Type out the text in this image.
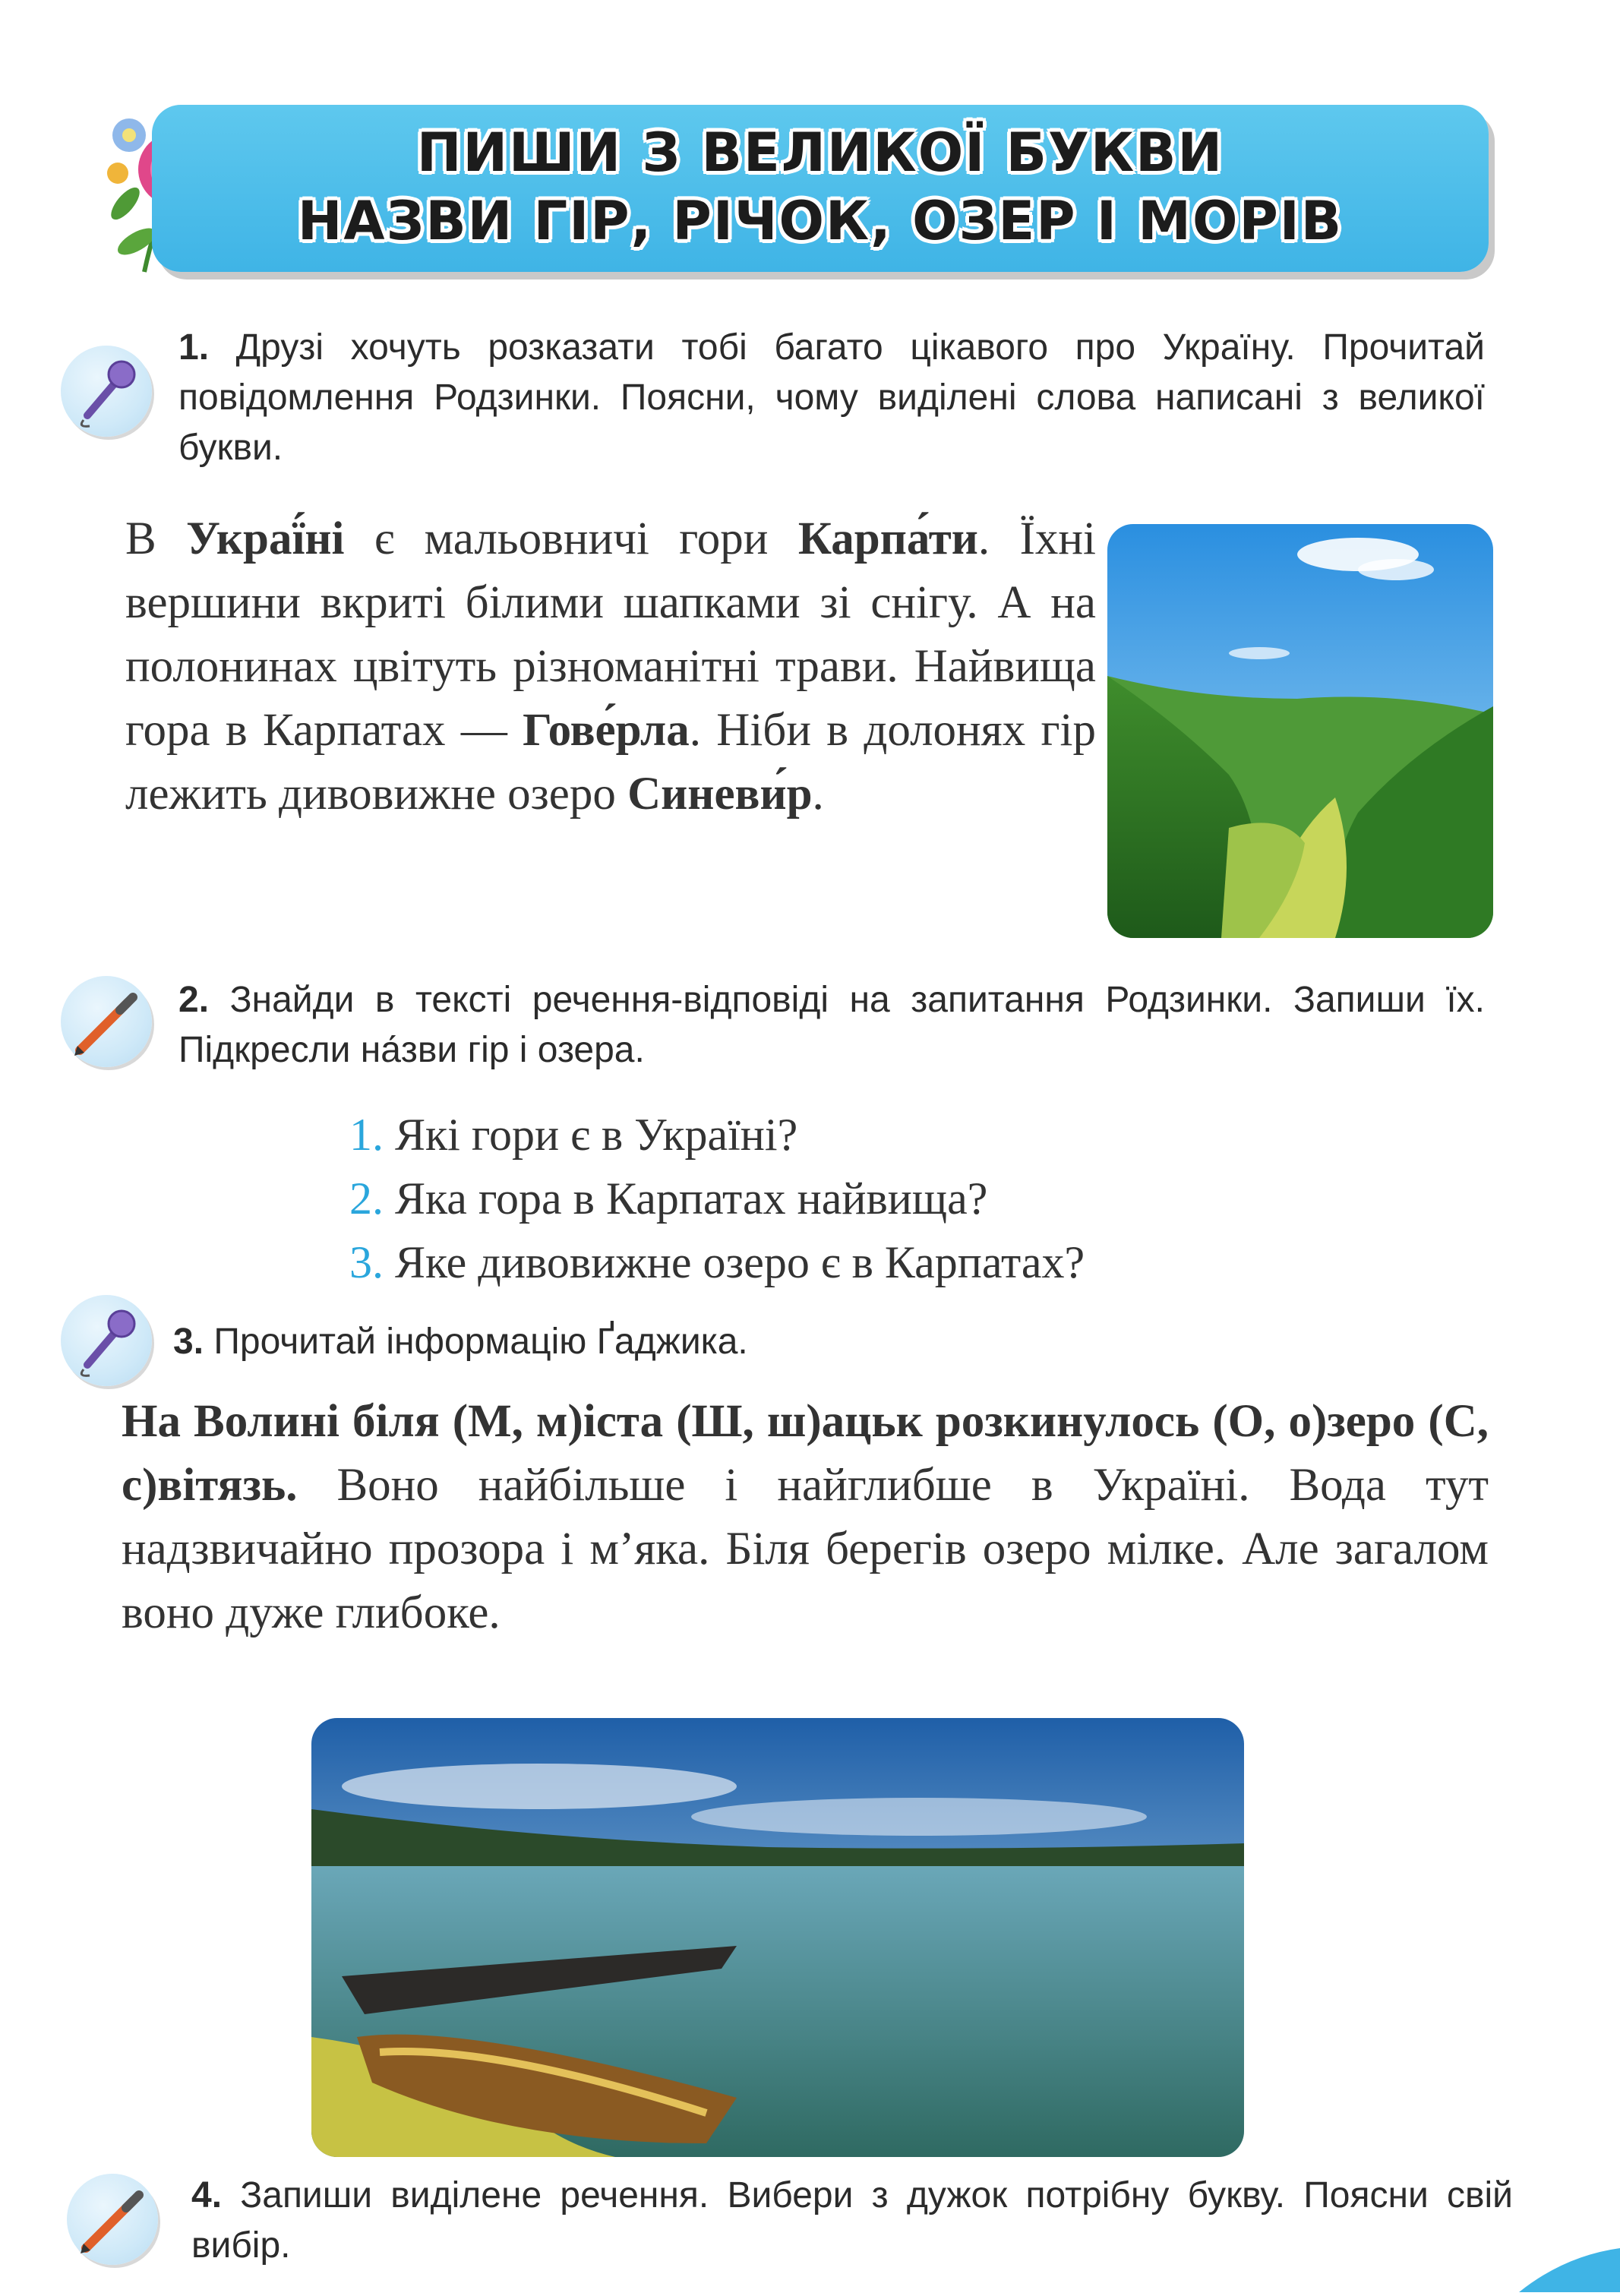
ПИШИ З ВЕЛИКОЇ БУКВИ
НАЗВИ ГІР, РІЧОК, ОЗЕР І МОРІВ
1. Друзі хочуть розказати тобі багато цікавого про Україну. Прочитай повідомлення Родзинки. Поясни, чому виділені слова написані з великої букви.
В Украї́ні є мальовничі гори Карпа́ти. Їхні вершини вкриті білими шапками зі снігу. А на полонинах цвітуть різноманітні трави. Найвища гора в Карпатах — Гове́рла. Ніби в долонях гір лежить дивовижне озеро Синеви́р.
2. Знайди в тексті речення-відповіді на запитання Родзинки. Запиши їх. Підкресли на́зви гір і озера.
1. Які гори є в Україні?
2. Яка гора в Карпатах найвища?
3. Яке дивовижне озеро є в Карпатах?
3. Прочитай інформацію Ґаджика.
На Волині біля (М, м)іста (Ш, ш)ацьк розкинулось (О, о)зеро (С, с)вітязь. Воно найбільше і найглибше в Україні. Вода тут надзвичайно прозора і м’яка. Біля берегів озеро мілке. Але загалом воно дуже глибоке.
4. Запиши виділене речення. Вибери з дужок потрібну букву. Поясни свій вибір.
